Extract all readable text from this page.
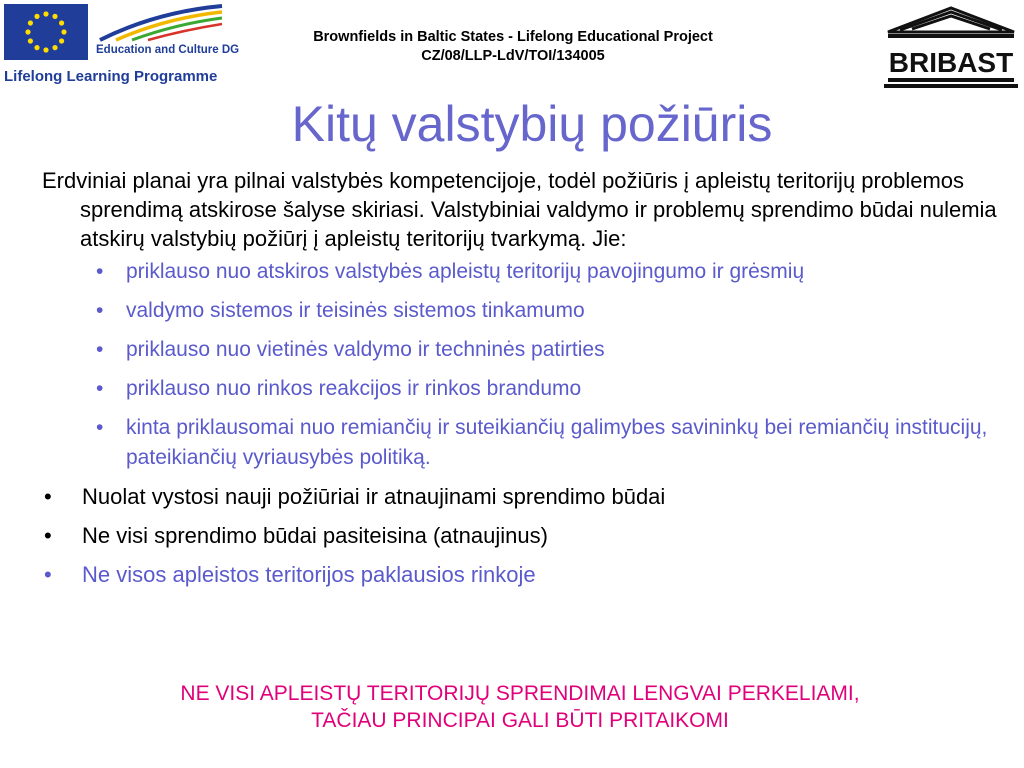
Education and Culture DG
Lifelong Learning Programme
Brownfields in Baltic States - Lifelong Educational Project
CZ/08/LLP-LdV/TOI/134005	BRIBAST
Kitų valstybių požiūris

Erdviniai planai yra pilnai valstybės kompetencijoje, todėl požiūris į apleistų teritorijų problemos sprendimą atskirose šalyse skiriasi. Valstybiniai valdymo ir problemų sprendimo būdai nulemia atskirų valstybių požiūrį į apleistų teritorijų tvarkymą. Jie:

• priklauso nuo atskiros valstybės apleistų teritorijų pavojingumo ir grėsmių
• valdymo sistemos ir teisinės sistemos tinkamumo
• priklauso nuo vietinės valdymo ir techninės patirties
• priklauso nuo rinkos reakcijos ir rinkos brandumo
• kinta priklausomai nuo remiančių ir suteikiančių galimybes savininkų bei remiančių institucijų, pateikiančių vyriausybės politiką.
• Nuolat vystosi nauji požiūriai ir atnaujinami sprendimo būdai
• Ne visi sprendimo būdai pasiteisina (atnaujinus)
• Ne visos apleistos teritorijos paklausios rinkoje
NE VISI APLEISTŲ TERITORIJŲ SPRENDIMAI LENGVAI PERKELIAMI,
TAČIAU PRINCIPAI GALI BŪTI PRITAIKOMI
